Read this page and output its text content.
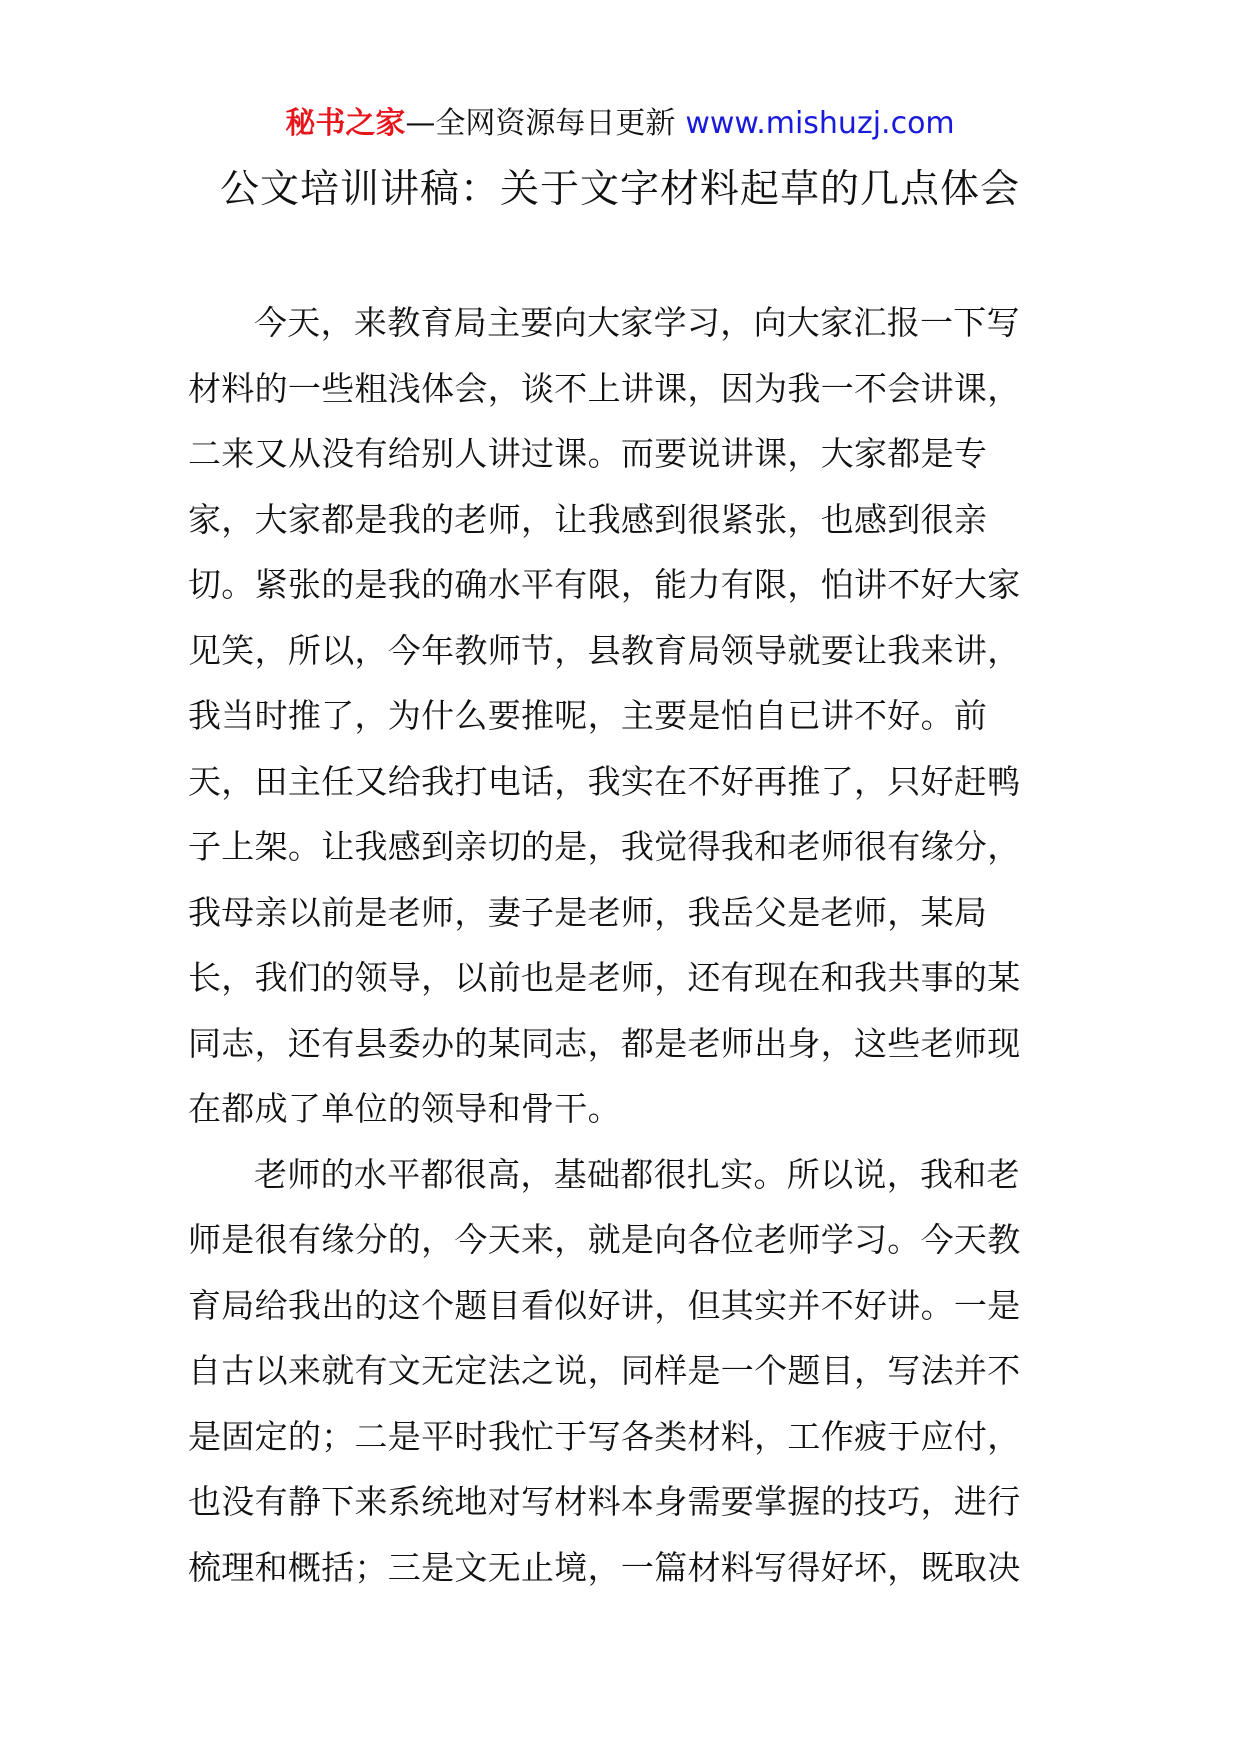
秘书之家—全网资源每日更新 www.mishuzj.com
公文培训讲稿：关于文字材料起草的几点体会
今天，来教育局主要向大家学习，向大家汇报一下写
材料的一些粗浅体会，谈不上讲课，因为我一不会讲课，
二来又从没有给别人讲过课。而要说讲课，大家都是专
家，大家都是我的老师，让我感到很紧张，也感到很亲
切。紧张的是我的确水平有限，能力有限，怕讲不好大家
见笑，所以，今年教师节，县教育局领导就要让我来讲，
我当时推了，为什么要推呢，主要是怕自已讲不好。前
天，田主任又给我打电话，我实在不好再推了，只好赶鸭
子上架。让我感到亲切的是，我觉得我和老师很有缘分，
我母亲以前是老师，妻子是老师，我岳父是老师，某局
长，我们的领导，以前也是老师，还有现在和我共事的某
同志，还有县委办的某同志，都是老师出身，这些老师现
在都成了单位的领导和骨干。
老师的水平都很高，基础都很扎实。所以说，我和老
师是很有缘分的，今天来，就是向各位老师学习。今天教
育局给我出的这个题目看似好讲，但其实并不好讲。一是
自古以来就有文无定法之说，同样是一个题目，写法并不
是固定的；二是平时我忙于写各类材料，工作疲于应付，
也没有静下来系统地对写材料本身需要掌握的技巧，进行
梳理和概括；三是文无止境，一篇材料写得好坏，既取决
